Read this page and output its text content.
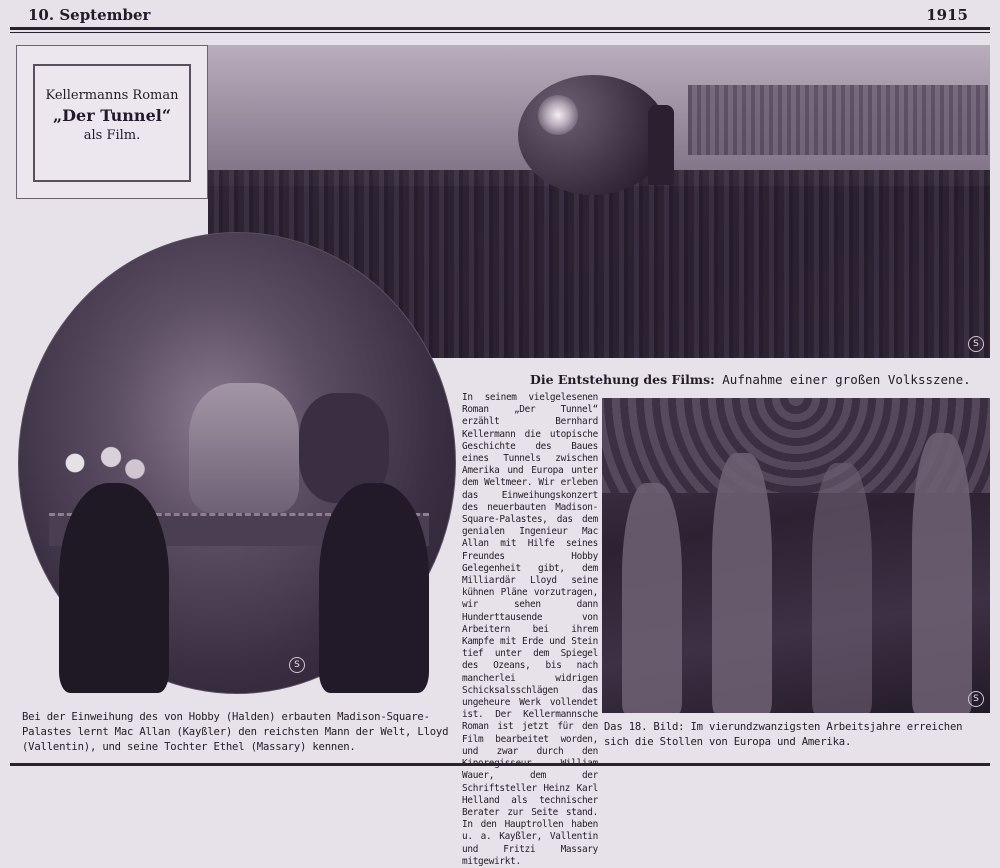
10. September	1915
Kellermanns Roman
„Der Tunnel“
als Film.
S
S
Die Entstehung des Films: Aufnahme einer großen Volksszene.
In seinem vielgelesenen Roman „Der Tunnel“ erzählt Bernhard Kellermann die utopische Geschichte des Baues eines Tunnels zwischen Amerika und Europa unter dem Weltmeer. Wir erleben das Einweihungskonzert des neuerbauten Madison-Square-Palastes, das dem genialen Ingenieur Mac Allan mit Hilfe seines Freundes Hobby Gelegenheit gibt, dem Milliardär Lloyd seine kühnen Pläne vorzutragen, wir sehen dann Hunderttausende von Arbeitern bei ihrem Kampfe mit Erde und Stein tief unter dem Spiegel des Ozeans, bis nach mancherlei widrigen Schicksalsschlägen das ungeheure Werk vollendet ist. Der Kellermannsche Roman ist jetzt für den Film bearbeitet worden, und zwar durch den Wauer, dem der Schriftsteller Heinz Karl Helland als technischer Berater zur Seite stand. In den Hauptrollen haben u. a. Kayßler, Vallentin und Fritzi Massary mitgewirkt.
S
Bei der Einweihung des von Hobby (Halden) erbauten Madison-Square-Palastes lernt Mac Allan (Kayßler) den reichsten Mann der Welt, Lloyd (Vallentin), und seine Tochter Ethel (Massary) kennen.
Das 18. Bild: Im vierundzwanzigsten Arbeitsjahre erreichen sich die Stollen von Europa und Amerika.
